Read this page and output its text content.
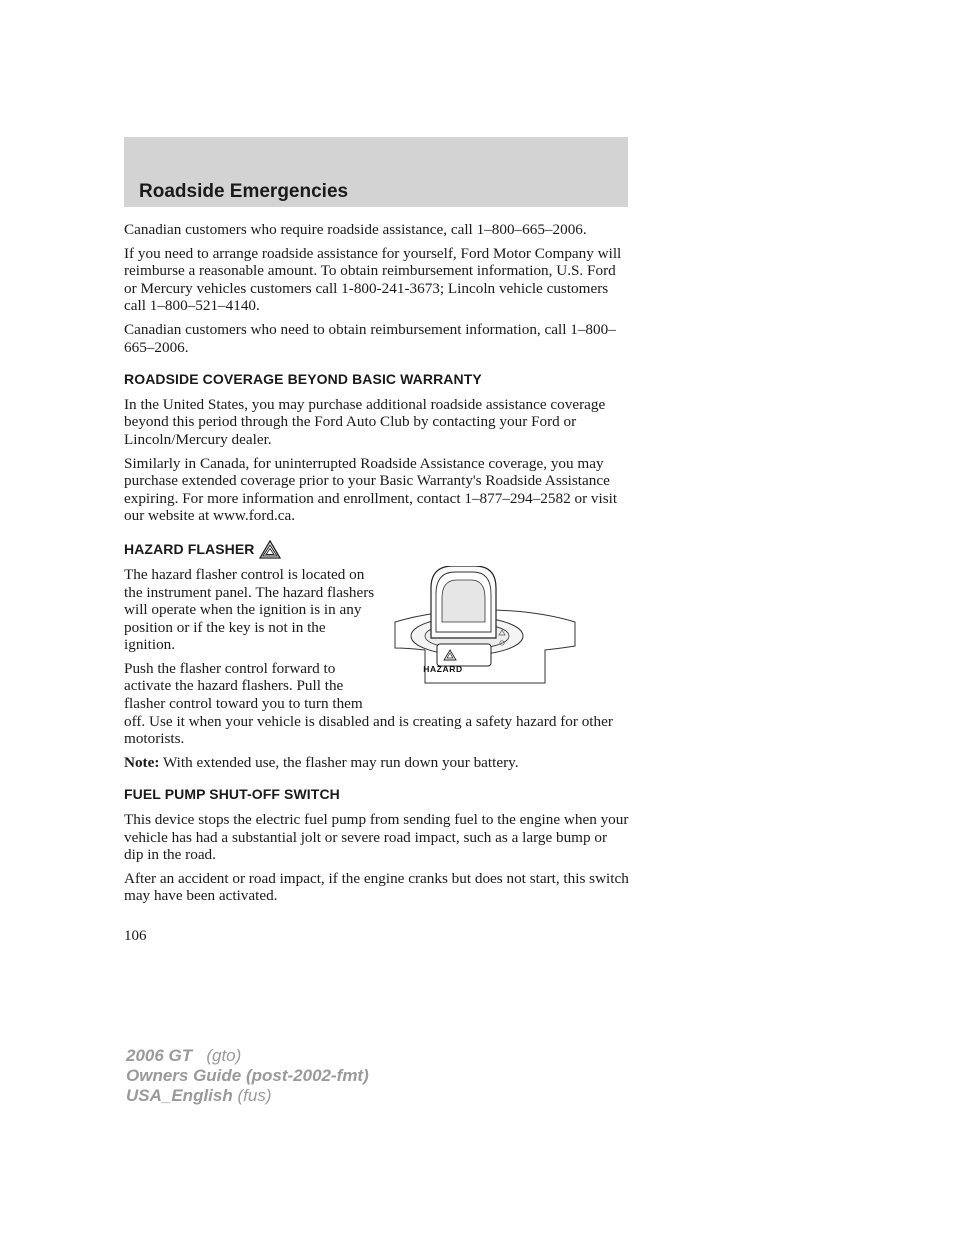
Roadside Emergencies

Canadian customers who require roadside assistance, call 1–800–665–2006.

If you need to arrange roadside assistance for yourself, Ford Motor Company will reimburse a reasonable amount. To obtain reimbursement information, U.S. Ford or Mercury vehicles customers call 1-800-241-3673; Lincoln vehicle customers call 1–800–521–4140.

Canadian customers who need to obtain reimbursement information, call 1–800–665–2006.

ROADSIDE COVERAGE BEYOND BASIC WARRANTY

In the United States, you may purchase additional roadside assistance coverage beyond this period through the Ford Auto Club by contacting your Ford or Lincoln/Mercury dealer.

Similarly in Canada, for uninterrupted Roadside Assistance coverage, you may purchase extended coverage prior to your Basic Warranty's Roadside Assistance expiring. For more information and enrollment, contact 1–877–294–2582 or visit our website at www.ford.ca.

HAZARD FLASHER
HAZARD

The hazard flasher control is located on the instrument panel. The hazard flashers will operate when the ignition is in any position or if the key is not in the ignition.

Push the flasher control forward to activate the hazard flashers. Pull the flasher control toward you to turn them off. Use it when your vehicle is disabled and is creating a safety hazard for other motorists.

Note: With extended use, the flasher may run down your battery.

FUEL PUMP SHUT-OFF SWITCH

This device stops the electric fuel pump from sending fuel to the engine when your vehicle has had a substantial jolt or severe road impact, such as a large bump or dip in the road.

After an accident or road impact, if the engine cranks but does not start, this switch may have been activated.

106
2006 GT (gto)
Owners Guide (post-2002-fmt)
USA_English (fus)
